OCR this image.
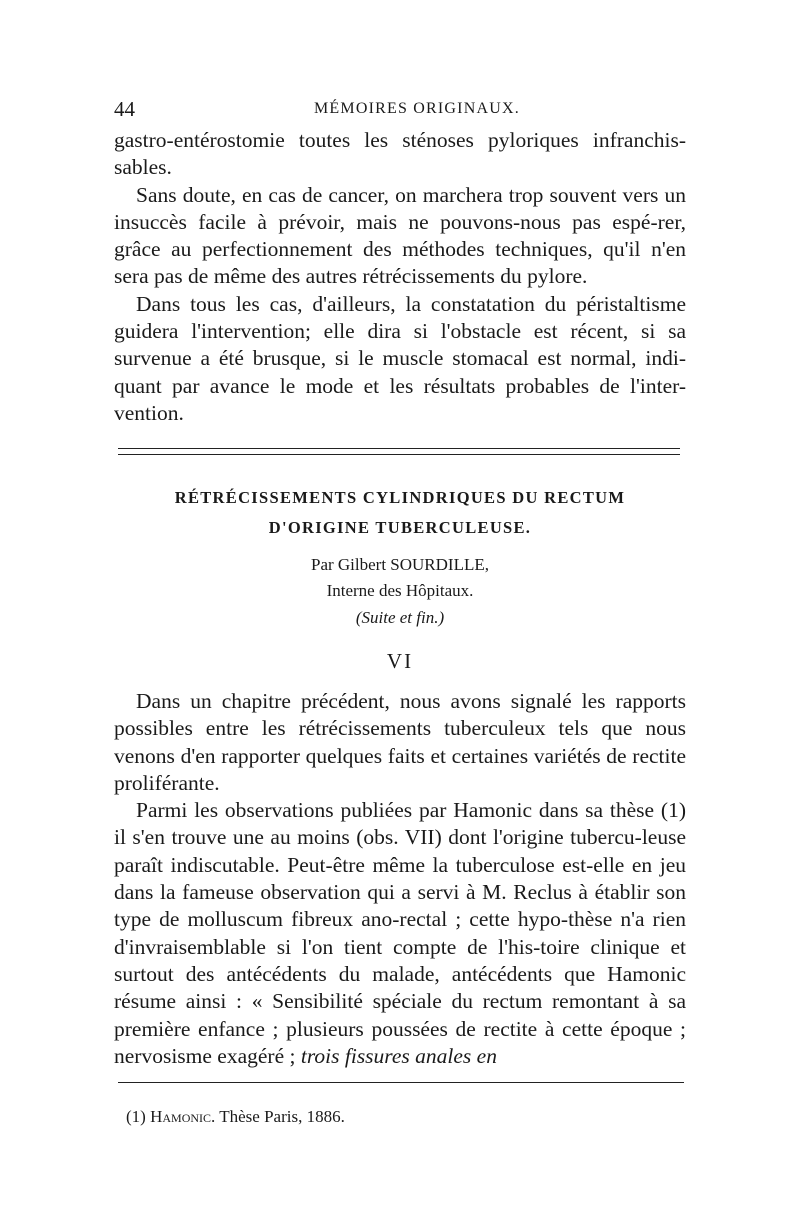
44	MÉMOIRES ORIGINAUX.

gastro-entérostomie toutes les sténoses pyloriques infranchis-sables.

Sans doute, en cas de cancer, on marchera trop souvent vers un insuccès facile à prévoir, mais ne pouvons-nous pas espé-rer, grâce au perfectionnement des méthodes techniques, qu'il n'en sera pas de même des autres rétrécissements du pylore.

Dans tous les cas, d'ailleurs, la constatation du péristaltisme guidera l'intervention; elle dira si l'obstacle est récent, si sa survenue a été brusque, si le muscle stomacal est normal, indi-quant par avance le mode et les résultats probables de l'inter-vention.

RÉTRÉCISSEMENTS CYLINDRIQUES DU RECTUM
D'ORIGINE TUBERCULEUSE.
Par Gilbert SOURDILLE,
Interne des Hôpitaux.
(Suite et fin.)
VI

Dans un chapitre précédent, nous avons signalé les rapports possibles entre les rétrécissements tuberculeux tels que nous venons d'en rapporter quelques faits et certaines variétés de rectite proliférante.

Parmi les observations publiées par Hamonic dans sa thèse (1) il s'en trouve une au moins (obs. VII) dont l'origine tubercu-leuse paraît indiscutable. Peut-être même la tuberculose est-elle en jeu dans la fameuse observation qui a servi à M. Reclus à établir son type de molluscum fibreux ano-rectal ; cette hypo-thèse n'a rien d'invraisemblable si l'on tient compte de l'his-toire clinique et surtout des antécédents du malade, antécédents que Hamonic résume ainsi : « Sensibilité spéciale du rectum remontant à sa première enfance ; plusieurs poussées de rectite à cette époque ; nervosisme exagéré ; trois fissures anales en

(1) Hamonic. Thèse Paris, 1886.
